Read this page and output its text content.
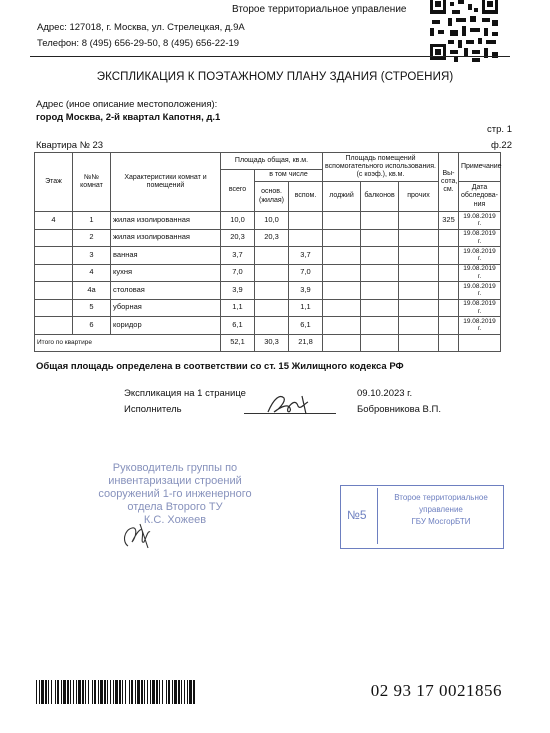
Второе территориальное управление
Адрес: 127018, г. Москва, ул. Стрелецкая, д.9А
Телефон: 8 (495) 656-29-50, 8 (495) 656-22-19
ЭКСПЛИКАЦИЯ К ПОЭТАЖНОМУ ПЛАНУ ЗДАНИЯ (СТРОЕНИЯ)
Адрес (иное описание местоположения):
город Москва, 2-й квартал Капотня, д.1
стр. 1
Квартира № 23	ф.22
Этаж	№№ комнат	Характеристики комнат и помещений	Площадь общая, кв.м.			Площадь помещений вспомогательного использования.(с коэф.), кв.м.			Вы-сота, см.	Примечание
			всего	в том числе						
				основ. (жилая)	вспом.	лоджий	балконов	прочих		Дата обследова-ния
4	1	жилая изолированная	10,0	10,0					325	19.08.2019 г.
	2	жилая изолированная	20,3	20,3						19.08.2019 г.
	3	ванная	3,7		3,7					19.08.2019 г.
	4	кухня	7,0		7,0					19.08.2019 г.
	4а	столовая	3,9		3,9					19.08.2019 г.
	5	уборная	1,1		1,1					19.08.2019 г.
	6	коридор	6,1		6,1					19.08.2019 г.
Итого по квартире			52,1	30,3	21,8					
Общая площадь определена в соответствии со ст. 15 Жилищного кодекса РФ
Экспликация на 1 странице	09.10.2023 г.
Исполнитель	Бобровникова В.П.
Руководитель группы по
инвентаризации строений
сооружений 1-го инженерного
отдела Второго ТУ
К.С. Хожеев	№5
Второе территориальное
управление
ГБУ МосгорБТИ
02 93 17 0021856
